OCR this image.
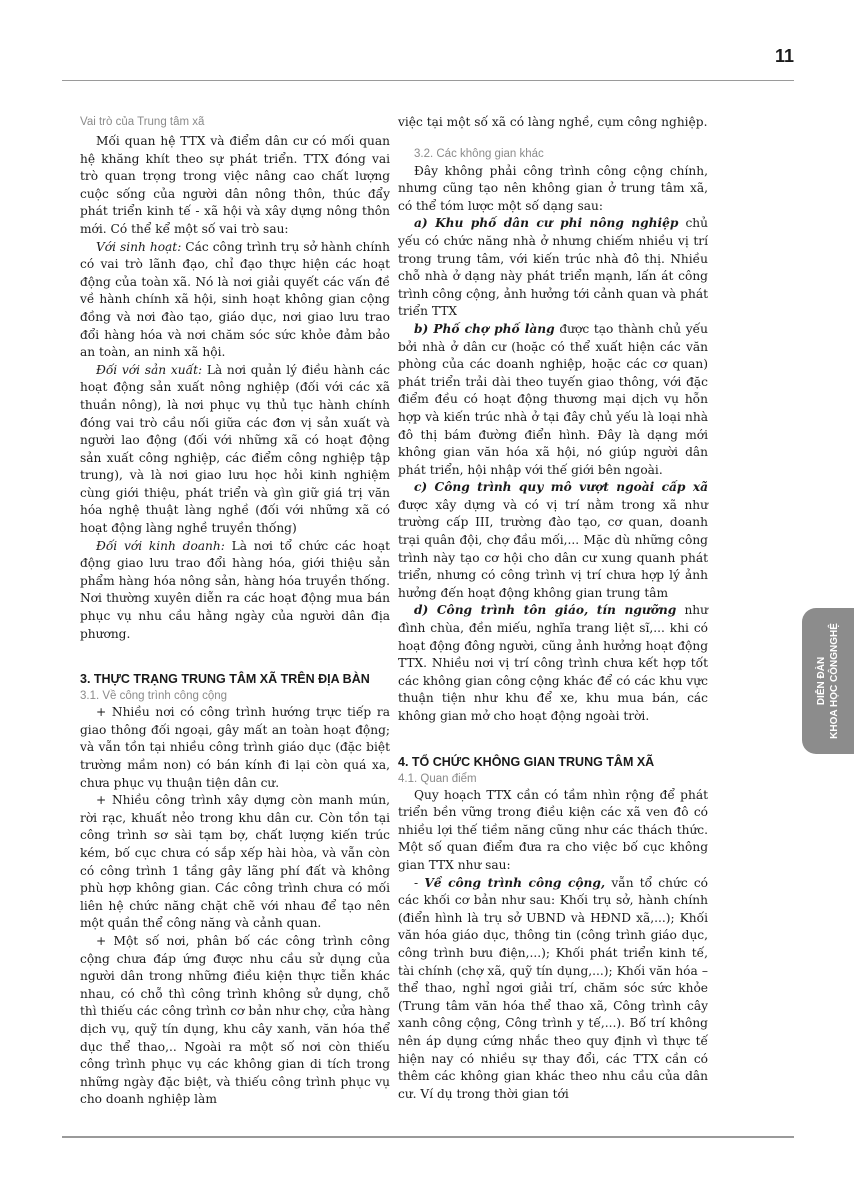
11
Vai trò của Trung tâm xã

Mối quan hệ TTX và điểm dân cư có mối quan hệ khăng khít theo sự phát triển. TTX đóng vai trò quan trọng trong việc nâng cao chất lượng cuộc sống của người dân nông thôn, thúc đẩy phát triển kinh tế - xã hội và xây dựng nông thôn mới. Có thể kể một số vai trò sau:

Với sinh hoạt: Các công trình trụ sở hành chính có vai trò lãnh đạo, chỉ đạo thực hiện các hoạt động của toàn xã. Nó là nơi giải quyết các vấn đề về hành chính xã hội, sinh hoạt không gian cộng đồng và nơi đào tạo, giáo dục, nơi giao lưu trao đổi hàng hóa và nơi chăm sóc sức khỏe đảm bảo an toàn, an ninh xã hội.

Đối với sản xuất: Là nơi quản lý điều hành các hoạt động sản xuất nông nghiệp (đối với các xã thuần nông), là nơi phục vụ thủ tục hành chính đóng vai trò cầu nối giữa các đơn vị sản xuất và người lao động (đối với những xã có hoạt động sản xuất công nghiệp, các điểm công nghiệp tập trung), và là nơi giao lưu học hỏi kinh nghiệm cùng giới thiệu, phát triển và gìn giữ giá trị văn hóa nghệ thuật làng nghề (đối với những xã có hoạt động làng nghề truyền thống)

Đối với kinh doanh: Là nơi tổ chức các hoạt động giao lưu trao đổi hàng hóa, giới thiệu sản phẩm hàng hóa nông sản, hàng hóa truyền thống. Nơi thường xuyên diễn ra các hoạt động mua bán phục vụ nhu cầu hằng ngày của người dân địa phương.

3. THỰC TRẠNG TRUNG TÂM XÃ TRÊN ĐỊA BÀN
3.1. Về công trình công cộng

+ Nhiều nơi có công trình hướng trực tiếp ra giao thông đối ngoại, gây mất an toàn hoạt động; và vẫn tồn tại nhiều công trình giáo dục (đặc biệt trường mầm non) có bán kính đi lại còn quá xa, chưa phục vụ thuận tiện dân cư.

+ Nhiều công trình xây dựng còn manh mún, rời rạc, khuất nẻo trong khu dân cư. Còn tồn tại công trình sơ sài tạm bợ, chất lượng kiến trúc kém, bố cục chưa có sắp xếp hài hòa, và vẫn còn có công trình 1 tầng gây lãng phí đất và không phù hợp không gian. Các công trình chưa có mối liên hệ chức năng chặt chẽ với nhau để tạo nên một quần thể công năng và cảnh quan.

+ Một số nơi, phân bố các công trình công cộng chưa đáp ứng được nhu cầu sử dụng của người dân trong những điều kiện thực tiễn khác nhau, có chỗ thì công trình không sử dụng, chỗ thì thiếu các công trình cơ bản như chợ, cửa hàng dịch vụ, quỹ tín dụng, khu cây xanh, văn hóa thể dục thể thao,.. Ngoài ra một số nơi còn thiếu công trình phục vụ các không gian di tích trong những ngày đặc biệt, và thiếu công trình phục vụ cho doanh nghiệp làm

việc tại một số xã có làng nghề, cụm công nghiệp.

3.2. Các không gian khác

Đây không phải công trình công cộng chính, nhưng cũng tạo nên không gian ở trung tâm xã, có thể tóm lược một số dạng sau:

a) Khu phố dân cư phi nông nghiệp chủ yếu có chức năng nhà ở nhưng chiếm nhiều vị trí trong trung tâm, với kiến trúc nhà đô thị. Nhiều chỗ nhà ở dạng này phát triển mạnh, lấn át công trình công cộng, ảnh hưởng tới cảnh quan và phát triển TTX

b) Phố chợ phố làng được tạo thành chủ yếu bởi nhà ở dân cư (hoặc có thể xuất hiện các văn phòng của các doanh nghiệp, hoặc các cơ quan) phát triển trải dài theo tuyến giao thông, với đặc điểm đều có hoạt động thương mại dịch vụ hỗn hợp và kiến trúc nhà ở tại đây chủ yếu là loại nhà đô thị bám đường điển hình. Đây là dạng mới không gian văn hóa xã hội, nó giúp người dân phát triển, hội nhập với thế giới bên ngoài.

c) Công trình quy mô vượt ngoài cấp xã được xây dựng và có vị trí nằm trong xã như trường cấp III, trường đào tạo, cơ quan, doanh trại quân đội, chợ đầu mối,... Mặc dù những công trình này tạo cơ hội cho dân cư xung quanh phát triển, nhưng có công trình vị trí chưa hợp lý ảnh hưởng đến hoạt động không gian trung tâm

d) Công trình tôn giáo, tín ngưỡng như đình chùa, đền miếu, nghĩa trang liệt sĩ,... khi có hoạt động đông người, cũng ảnh hưởng hoạt động TTX. Nhiều nơi vị trí công trình chưa kết hợp tốt các không gian công cộng khác để có các khu vực thuận tiện như khu để xe, khu mua bán, các không gian mở cho hoạt động ngoài trời.

4. TỔ CHỨC KHÔNG GIAN TRUNG TÂM XÃ
4.1. Quan điểm

Quy hoạch TTX cần có tầm nhìn rộng để phát triển bền vững trong điều kiện các xã ven đô có nhiều lợi thế tiềm năng cũng như các thách thức. Một số quan điểm đưa ra cho việc bố cục không gian TTX như sau:

- Về công trình công cộng, vẫn tổ chức có các khối cơ bản như sau: Khối trụ sở, hành chính (điển hình là trụ sở UBND và HĐND xã,...); Khối văn hóa giáo dục, thông tin (công trình giáo dục, công trình bưu điện,...); Khối phát triển kinh tế, tài chính (chợ xã, quỹ tín dụng,...); Khối văn hóa – thể thao, nghỉ ngơi giải trí, chăm sóc sức khỏe (Trung tâm văn hóa thể thao xã, Công trình cây xanh công cộng, Công trình y tế,...). Bố trí không nên áp dụng cứng nhắc theo quy định vì thực tế hiện nay có nhiều sự thay đổi, các TTX cần có thêm các không gian khác theo nhu cầu của dân cư. Ví dụ trong thời gian tới

DIỄN ĐÀN KHOA HỌC CÔNGNGHỆ
